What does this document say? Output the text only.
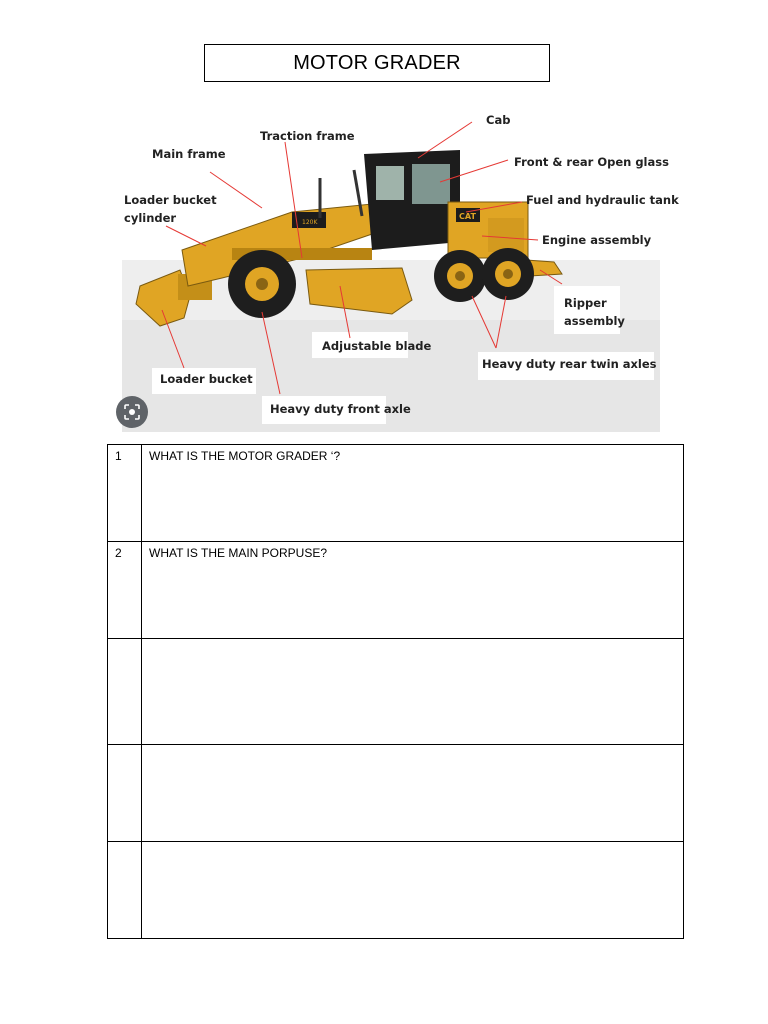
MOTOR GRADER
120K
CAT
Cab
Traction frame
Main frame
Front & rear Open glass
Loader bucket
cylinder
Fuel and hydraulic tank
Engine assembly
Ripper
assembly
Adjustable blade
Heavy duty rear twin axles
Loader bucket
Heavy duty front axle
1	WHAT IS THE MOTOR GRADER ‘?
2	WHAT IS THE MAIN PORPUSE?
